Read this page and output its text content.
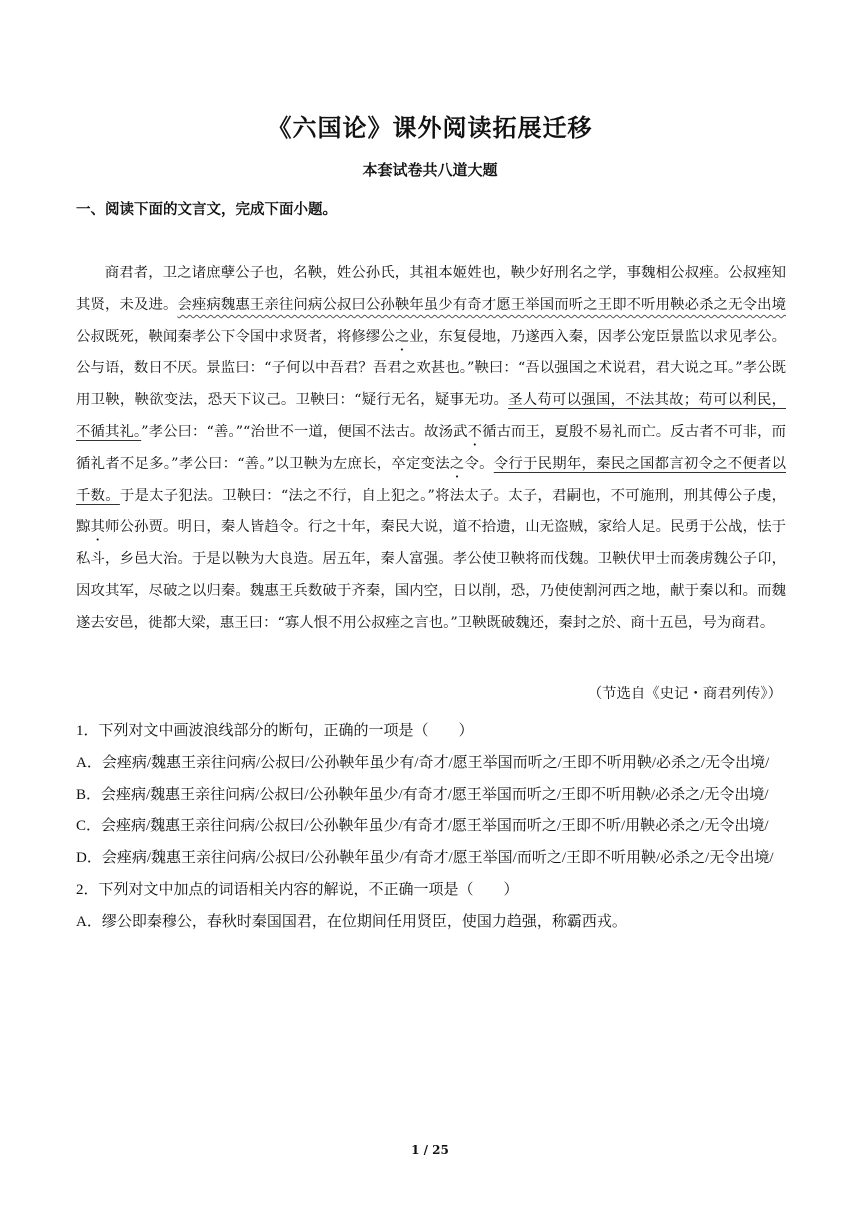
《六国论》课外阅读拓展迁移
本套试卷共八道大题
一、阅读下面的文言文，完成下面小题。

商君者，卫之诸庶孽公子也，名鞅，姓公孙氏，其祖本姬姓也，鞅少好刑名之学，事魏相公叔痤。公叔痤知其贤，未及进。会痤病魏惠王亲往问病公叔曰公孙鞅年虽少有奇才愿王举国而听之王即不听用鞅必杀之无令出境 公叔既死，鞅闻秦孝公下令国中求贤者，将修缪公之业，东复侵地，乃遂西入秦，因孝公宠臣景监以求见孝公。公与语，数日不厌。景监曰：“子何以中吾君？吾君之欢甚也。”鞅曰：“吾以强国之术说君，君大说之耳。”孝公既用卫鞅，鞅欲变法，恐天下议己。卫鞅曰：“疑行无名，疑事无功。圣人苟可以强国，不法其故；苟可以利民，不循其礼。”孝公曰：“善。”“治世不一道，便国不法古。故汤武不循古而王，夏殷不易礼而亡。反古者不可非，而循礼者不足多。”孝公曰：“善。”以卫鞅为左庶长，卒定变法之令。令行于民期年，秦民之国都言初令之不便者以千数。于是太子犯法。卫鞅曰：“法之不行，自上犯之。”将法太子。太子，君嗣也，不可施刑，刑其傅公子虔，黥其师公孙贾。明日，秦人皆趋令。行之十年，秦民大说，道不拾遗，山无盗贼，家给人足。民勇于公战，怯于私斗，乡邑大治。于是以鞅为大良造。居五年，秦人富强。孝公使卫鞅将而伐魏。卫鞅伏甲士而袭虏魏公子卬，因攻其军，尽破之以归秦。魏惠王兵数破于齐秦，国内空，日以削，恐，乃使使割河西之地，献于秦以和。而魏遂去安邑，徙都大梁，惠王曰：“寡人恨不用公叔痤之言也。”卫鞅既破魏还，秦封之於、商十五邑，号为商君。

（节选自《史记・商君列传》）

1．下列对文中画波浪线部分的断句，正确的一项是（　　）

A．会痤病/魏惠王亲往问病/公叔曰/公孙鞅年虽少有/奇才/愿王举国而听之/王即不听用鞅/必杀之/无令出境/

B．会痤病/魏惠王亲往问病/公叔曰/公孙鞅年虽少/有奇才/愿王举国而听之/王即不听用鞅/必杀之/无令出境/

C．会痤病/魏惠王亲往问病/公叔曰/公孙鞅年虽少/有奇才/愿王举国而听之/王即不听/用鞅必杀之/无令出境/

D．会痤病/魏惠王亲往问病/公叔曰/公孙鞅年虽少/有奇才/愿王举国/而听之/王即不听用鞅/必杀之/无令出境/

2．下列对文中加点的词语相关内容的解说，不正确一项是（　　）

A．缪公即秦穆公，春秋时秦国国君，在位期间任用贤臣，使国力趋强，称霸西戎。

1 / 25
